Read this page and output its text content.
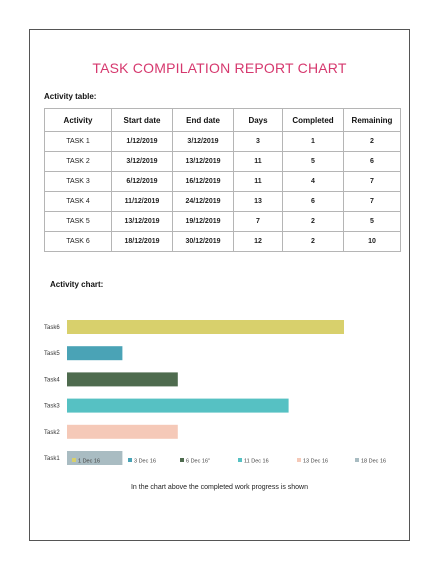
TASK COMPILATION REPORT CHART
Activity table:
Activity	Start date	End date	Days	Completed	Remaining
TASK 1	1/12/2019	3/12/2019	3	1	2
TASK 2	3/12/2019	13/12/2019	11	5	6
TASK 3	6/12/2019	16/12/2019	11	4	7
TASK 4	11/12/2019	24/12/2019	13	6	7
TASK 5	13/12/2019	19/12/2019	7	2	5
TASK 6	18/12/2019	30/12/2019	12	2	10
Activity chart:
Task1
Task2
Task3
Task4
Task5
Task6
In the chart above the completed work progress is shown
1 Dec 16	3 Dec 16	6 Dec 16"	11 Dec 16	13 Dec 16	18 Dec 16
